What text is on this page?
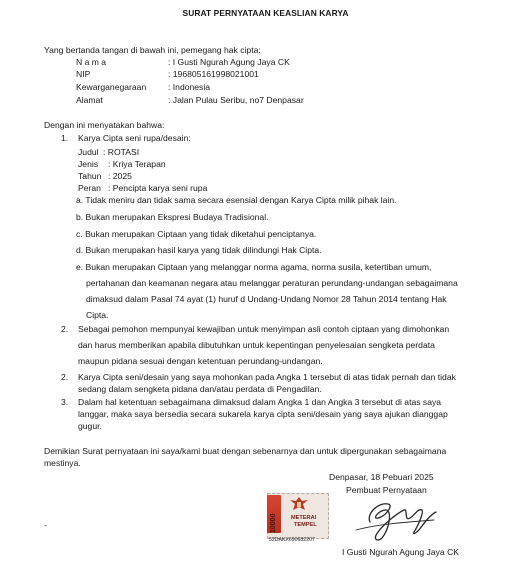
SURAT PERNYATAAN KEASLIAN KARYA
Yang bertanda tangan di bawah ini, pemegang hak cipta:
N a m a	: I Gusti Ngurah Agung Jaya CK
NIP	: 196805161998021001
Kewarganegaraan	: Indonesia
Alamat	: Jalan Pulau Seribu, no7 Denpasar
Dengan ini menyatakan bahwa:
1. Karya Cipta seni rupa/desain:
Judul : ROTASI
Jenis : Kriya Terapan
Tahun : 2025
Peran : Pencipta karya seni rupa
a. Tidak meniru dan tidak sama secara esensial dengan Karya Cipta milik pihak lain.
b. Bukan merupakan Ekspresi Budaya Tradisional.
c. Bukan merupakan Ciptaan yang tidak diketahui penciptanya.
d. Bukan merupakan hasil karya yang tidak dilindungi Hak Cipta.
e. Bukan merupakan Ciptaan yang melanggar norma agama, norma susila, ketertiban umum,
pertahanan dan keamanan negara atau melanggar peraturan perundang-undangan sebagaimana
dimaksud dalam Pasal 74 ayat (1) huruf d Undang-Undang Nomor 28 Tahun 2014 tentang Hak
Cipta.
2. Sebagai pemohon mempunyai kewajiban untuk menyimpan asli contoh ciptaan yang dimohonkan
dan harus memberikan apabila dibutuhkan untuk kepentingan penyelesaian sengketa perdata
maupun pidana sesuai dengan ketentuan perundang-undangan.
2. Karya Cipta seni/desain yang saya mohonkan pada Angka 1 tersebut di atas tidak pernah dan tidak
sedang dalam sengketa pidana dan/atau perdata di Pengadilan.
3. Dalam hal ketentuan sebagaimana dimaksud dalam Angka 1 dan Angka 3 tersebut di atas saya
langgar, maka saya bersedia secara sukarela karya cipta seni/desain yang saya ajukan dianggap
gugur.
Demikian Surat pernyataan ini saya/kami buat dengan sebenarnya dan untuk dipergunakan sebagaimana
mestinya.
Denpasar, 18 Pebuari 2025
Pembuat Pernyataan
-	10000	METERAI
TEMPEL
52DAKX690682207
I Gusti Ngurah Agung Jaya CK
